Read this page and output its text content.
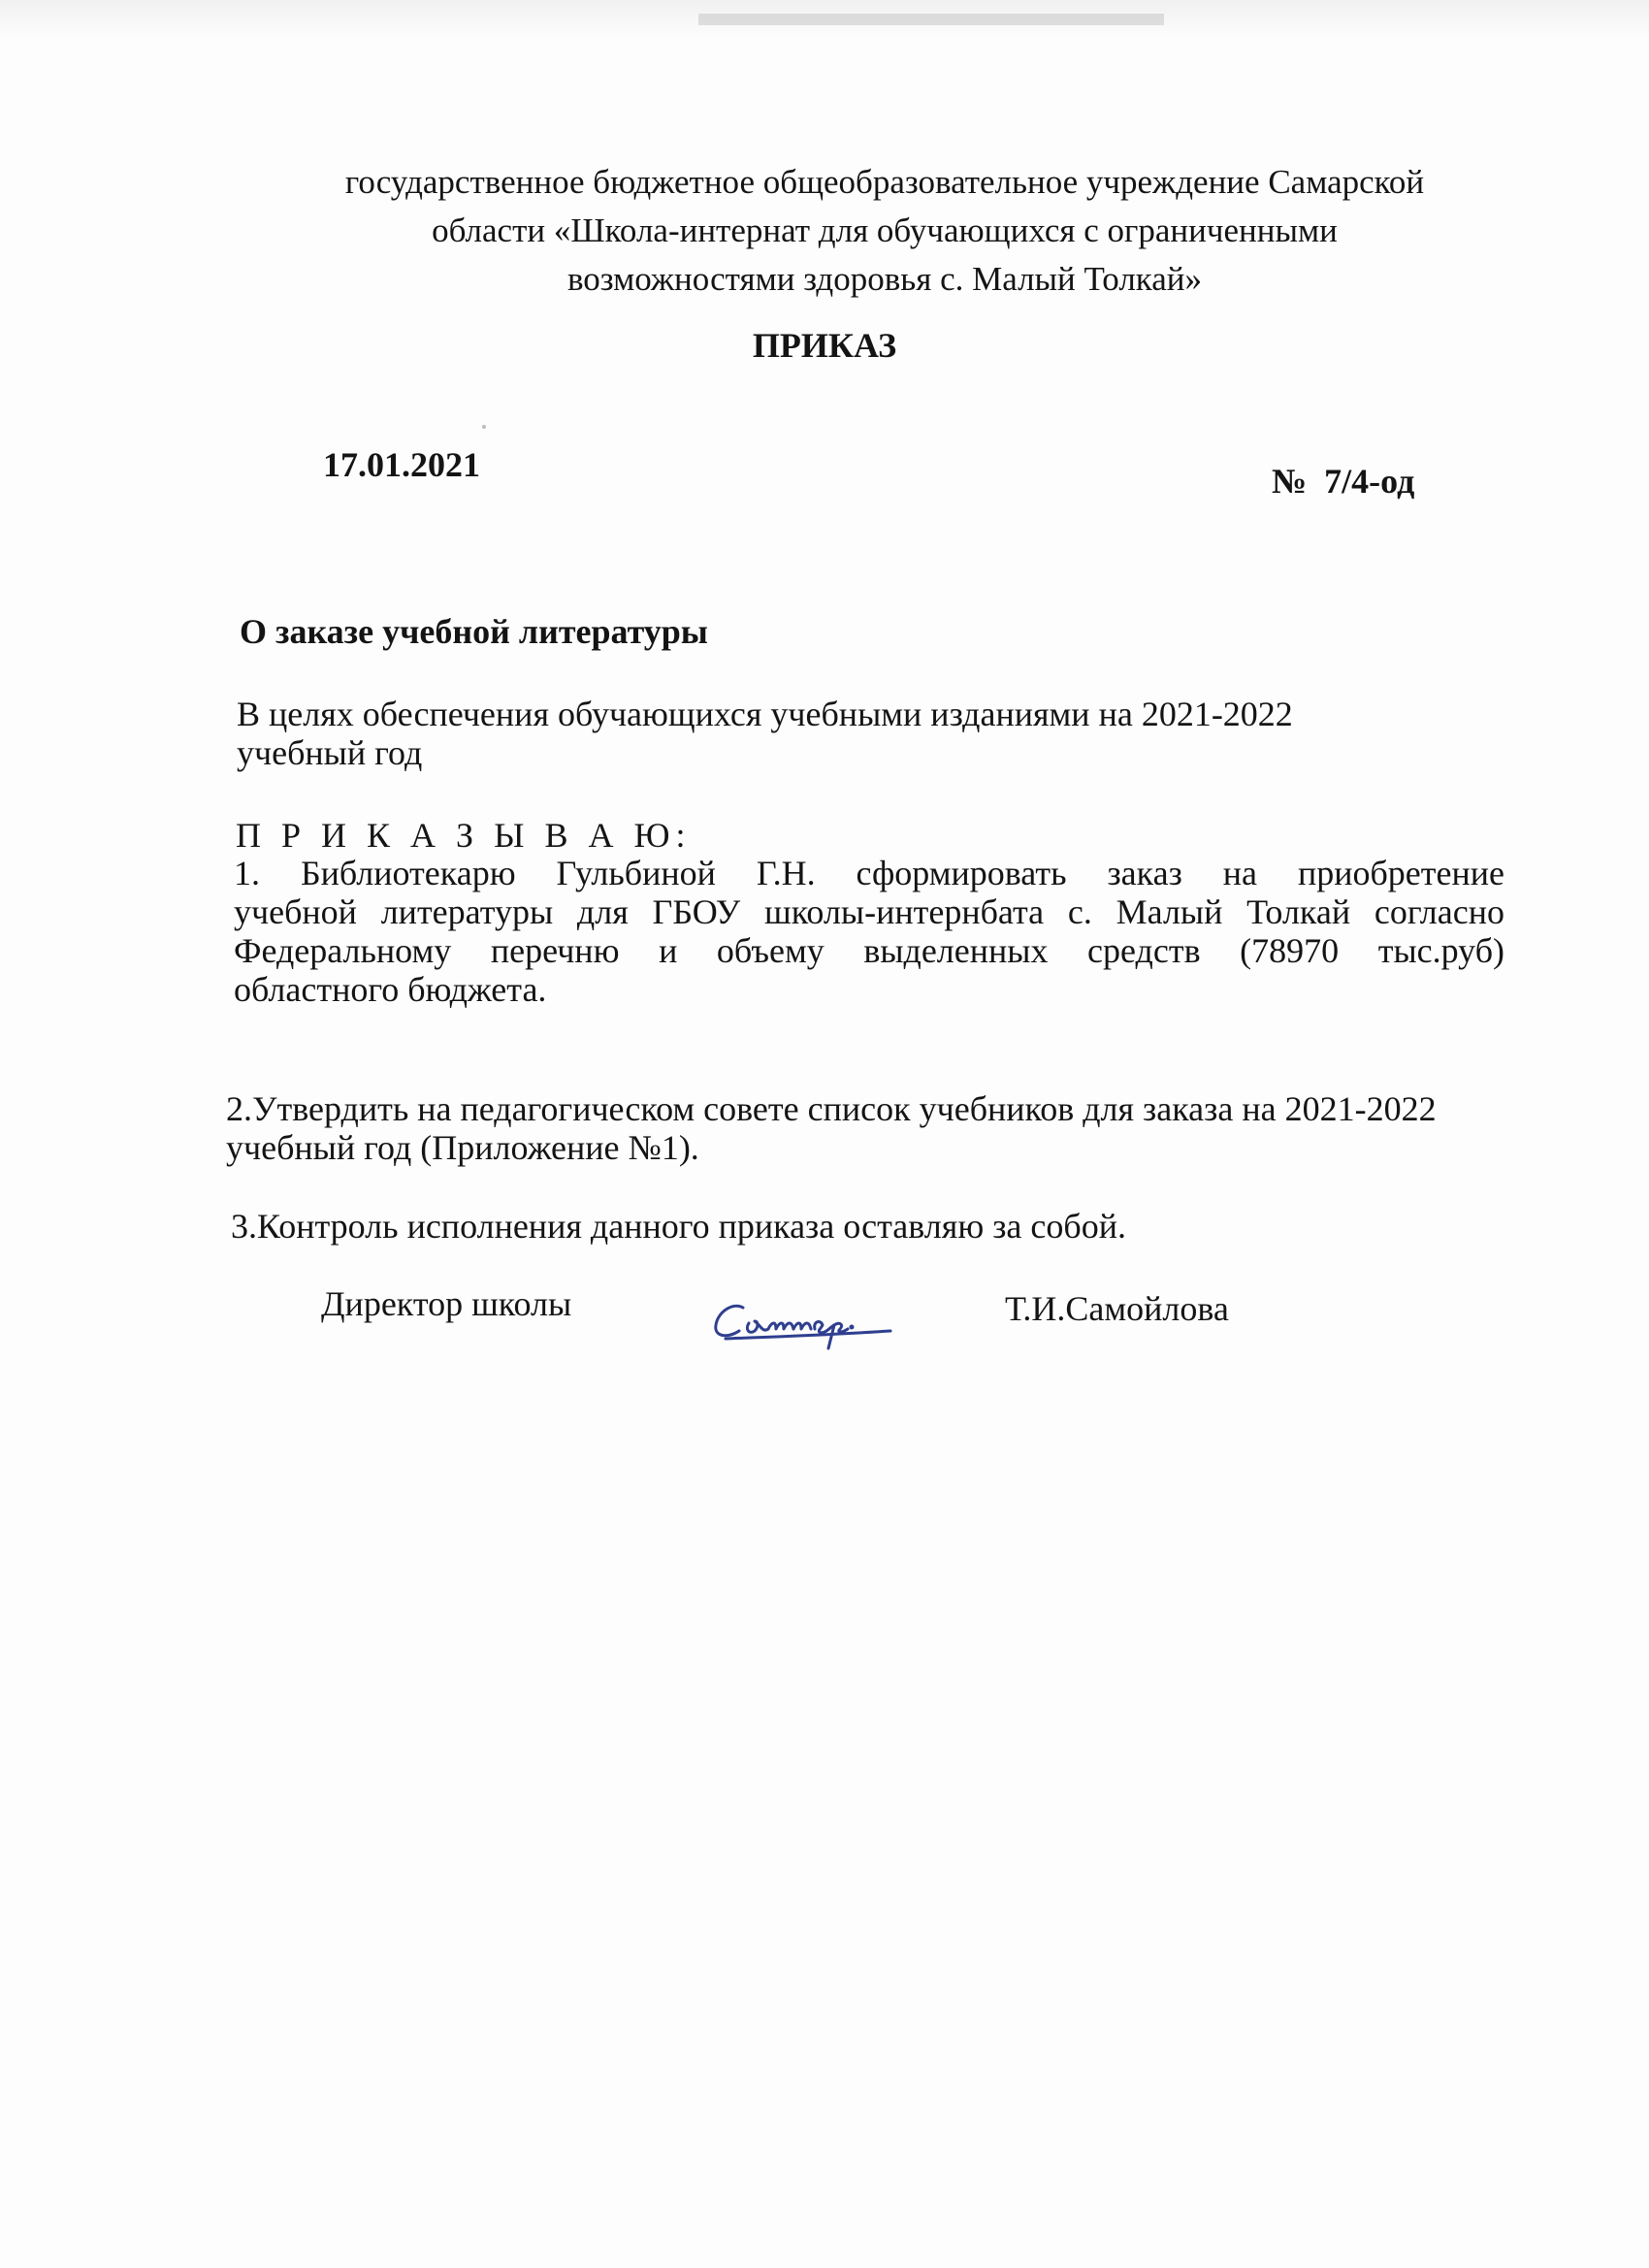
государственное бюджетное общеобразовательное учреждение Самарской
области «Школа-интернат для обучающихся с ограниченными
возможностями здоровья с. Малый Толкай»
ПРИКАЗ
17.01.2021	№  7/4-од
О заказе учебной литературы
В целях обеспечения обучающихся учебными изданиями на 2021-2022 учебный год
П Р И К А З Ы В А Ю:
1. Библиотекарю Гульбиной Г.Н. сформировать заказ на приобретение
учебной литературы для ГБОУ школы-интернбата с. Малый Толкай согласно
Федеральному перечню и объему выделенных средств (78970 тыс.руб)
областного бюджета.
2.Утвердить на педагогическом совете список учебников для заказа на 2021-2022 учебный год (Приложение №1).
3.Контроль исполнения данного приказа оставляю за собой.
Директор школы	Т.И.Самойлова
